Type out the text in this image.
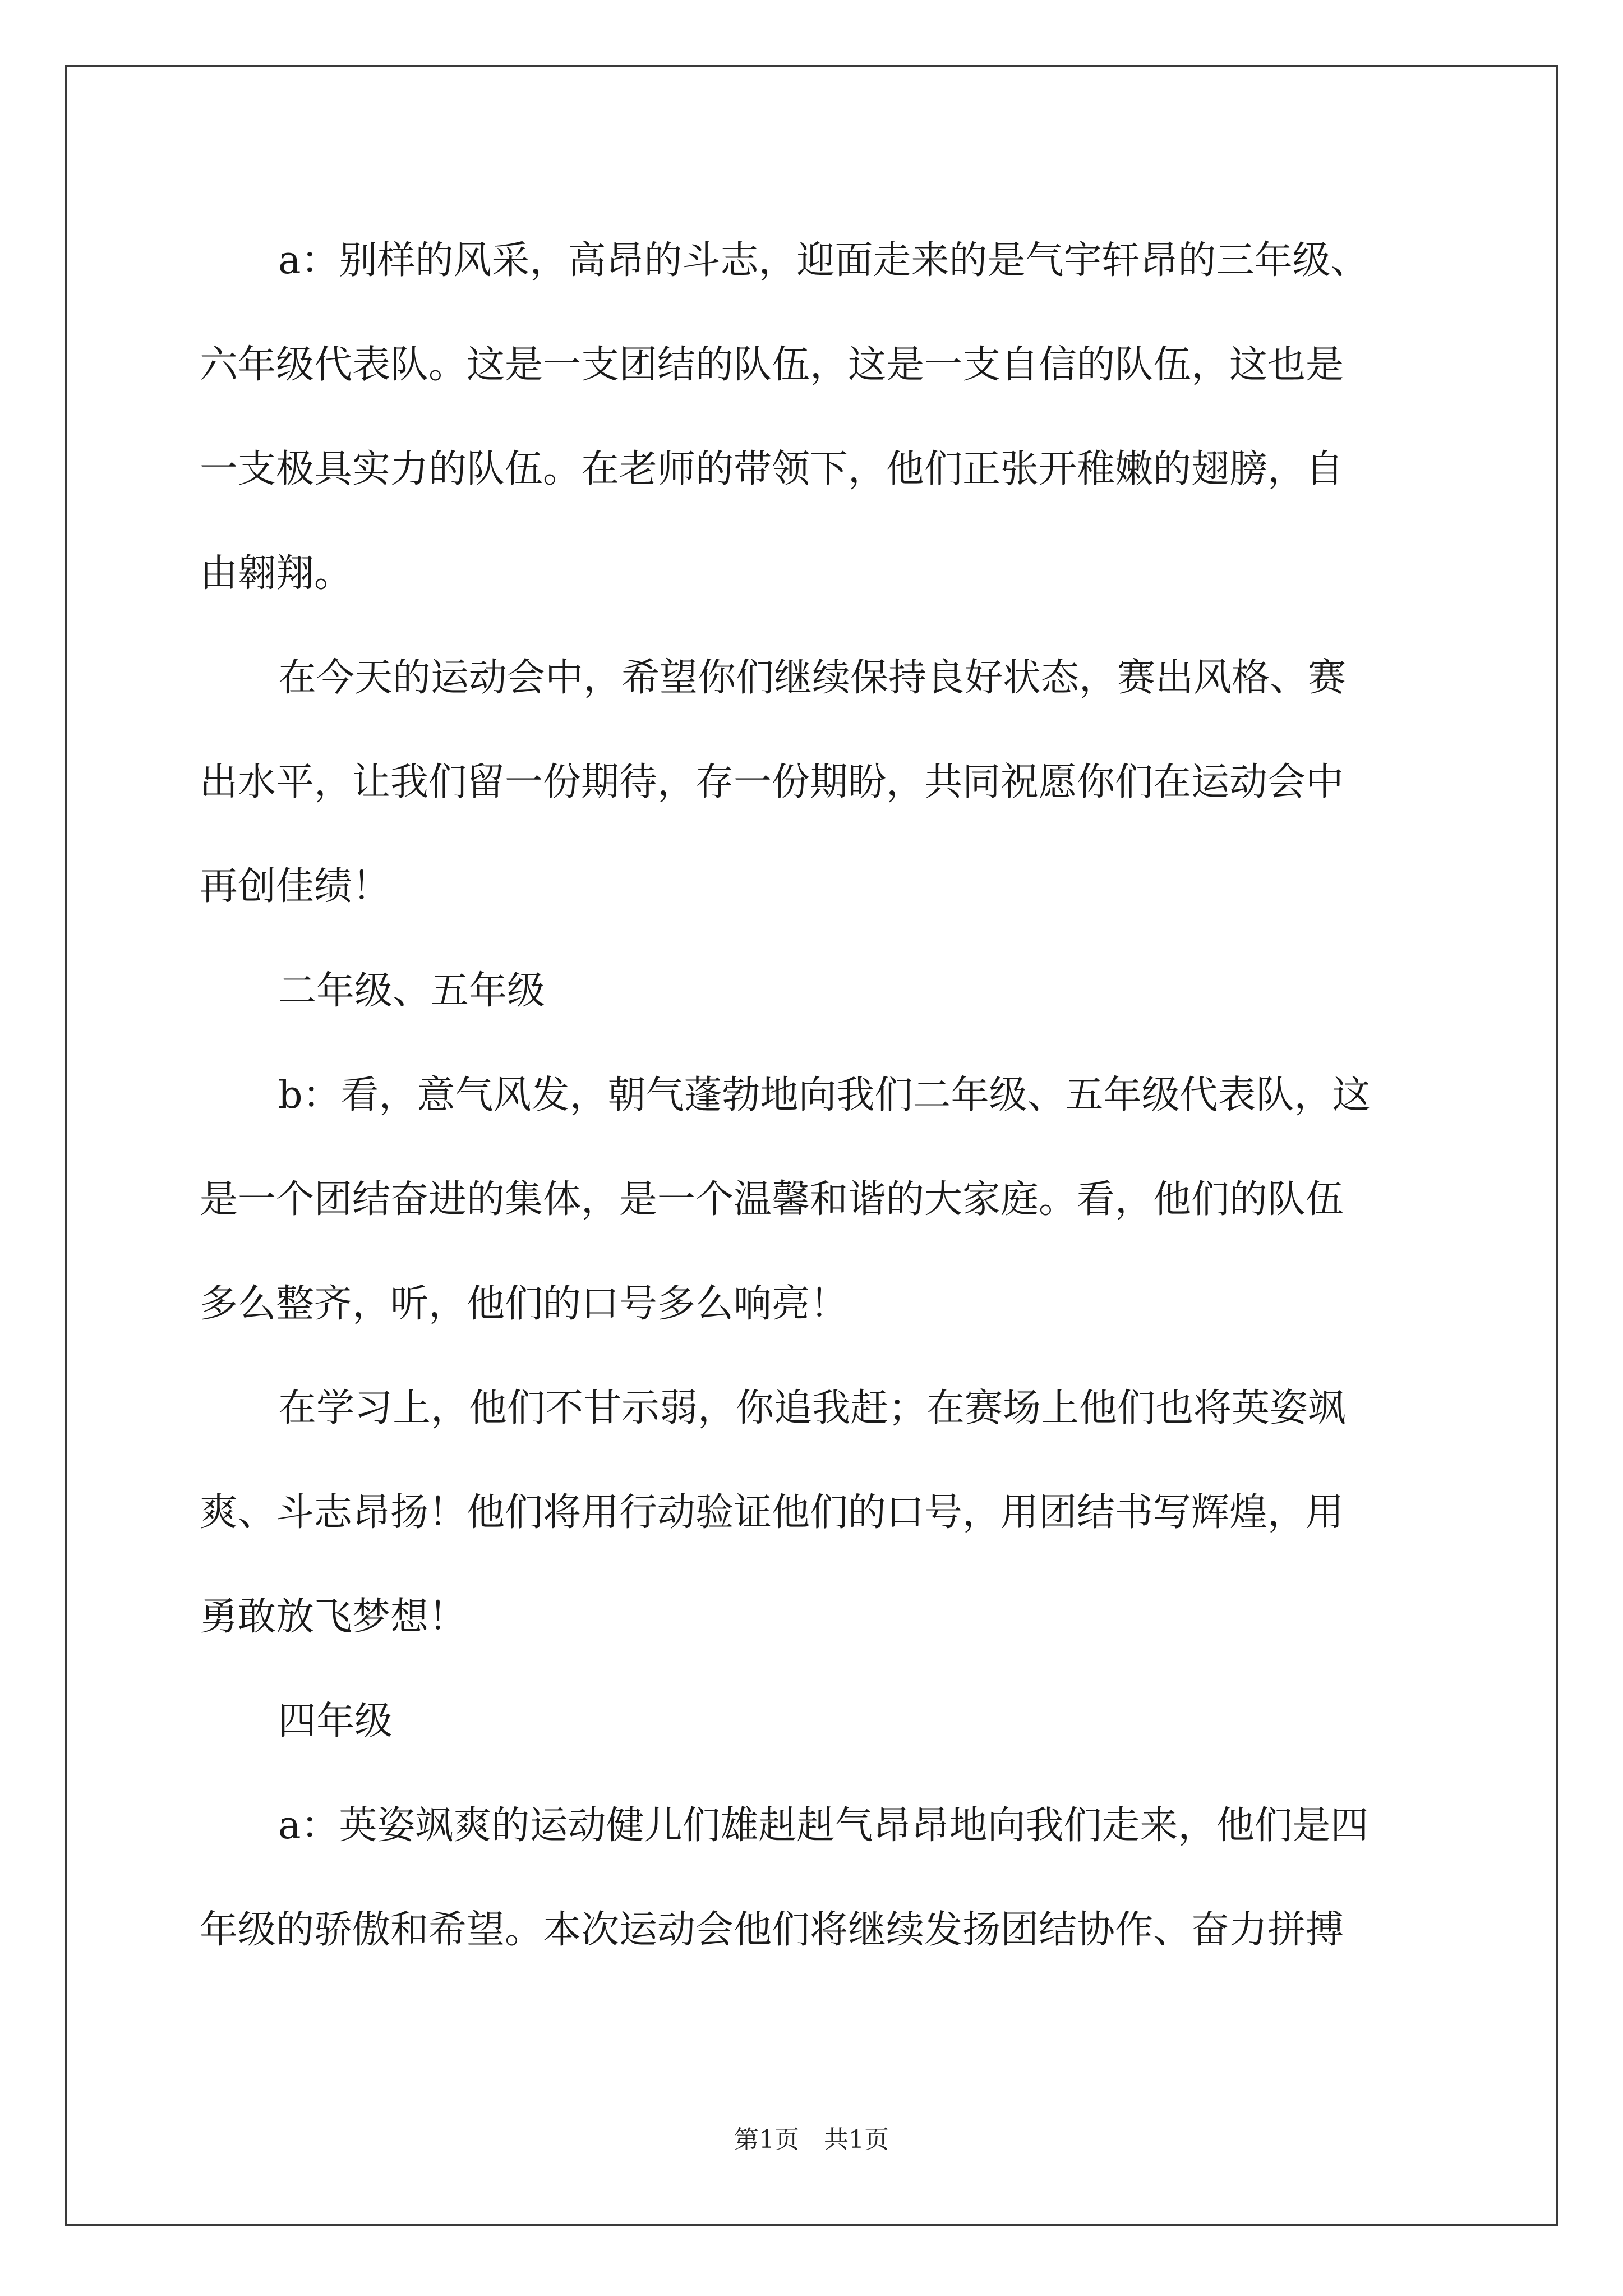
a：别样的风采，高昂的斗志，迎面走来的是气宇轩昂的三年级、
六年级代表队。这是一支团结的队伍，这是一支自信的队伍，这也是
一支极具实力的队伍。在老师的带领下，他们正张开稚嫩的翅膀，自
由翱翔。
在今天的运动会中，希望你们继续保持良好状态，赛出风格、赛
出水平，让我们留一份期待，存一份期盼，共同祝愿你们在运动会中
再创佳绩！
二年级、五年级
b：看，意气风发，朝气蓬勃地向我们二年级、五年级代表队，这
是一个团结奋进的集体，是一个温馨和谐的大家庭。看，他们的队伍
多么整齐，听，他们的口号多么响亮！
在学习上，他们不甘示弱，你追我赶；在赛场上他们也将英姿飒
爽、斗志昂扬！他们将用行动验证他们的口号，用团结书写辉煌，用
勇敢放飞梦想！
四年级
a：英姿飒爽的运动健儿们雄赳赳气昂昂地向我们走来，他们是四
年级的骄傲和希望。本次运动会他们将继续发扬团结协作、奋力拼搏
第1页　共1页
